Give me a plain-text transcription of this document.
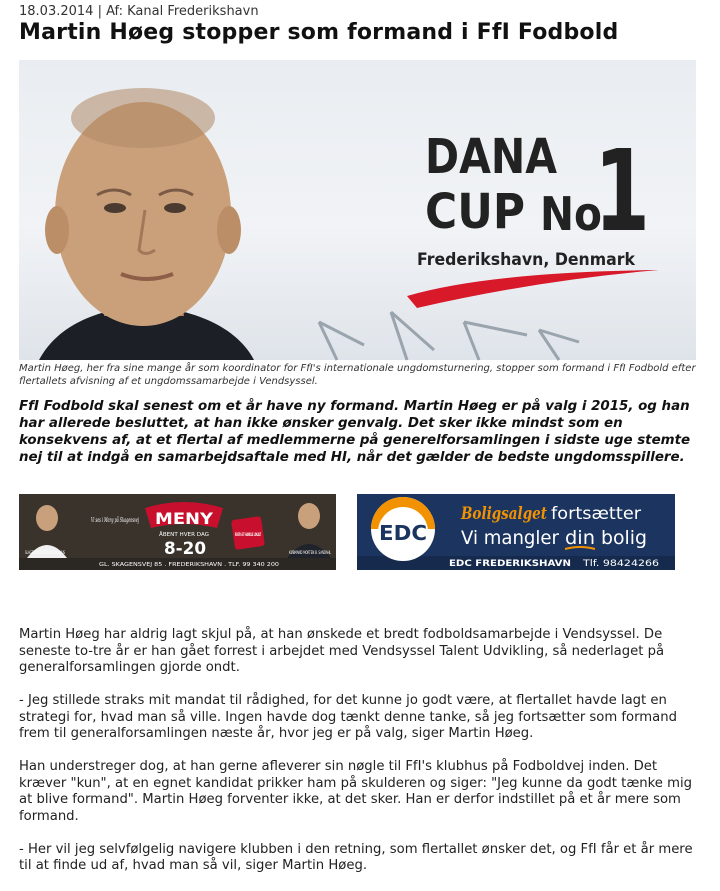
18.03.2014 | Af: Kanal Frederikshavn
Martin Høeg stopper som formand i FfI Fodbold
DANA
CUP No
1
Frederikshavn, Denmark
Martin Høeg, her fra sine mange år som koordinator for FfI's internationale ungdomsturnering, stopper som formand i FfI Fodbold efter flertallets afvisning af et ungdomssamarbejde i Vendsyssel.
FfI Fodbold skal senest om et år have ny formand. Martin Høeg er på valg i 2015, og han har allerede besluttet, at han ikke ønsker genvalg. Det sker ikke mindst som en konsekvens af, at et flertal af medlemmerne på generelforsamlingen i sidste uge stemte nej til at indgå en samarbejdsaftale med HI, når det gælder de bedste ungdomsspillere.
SLAGTERMESTER NICOLAI BUUS
Vi ses i Meny på Skagensvej MENY
ÅBENT HVER DAG
8-20	KØBMAND MORTEN B. SANDAHL
GL. SKAGENSVEJ 85 . FREDERIKSHAVN . TLF. 99 340 200
EDC
Boligsalget fortsætter
Vi mangler din bolig
EDC FREDERIKSHAVN Tlf. 98424266

Martin Høeg har aldrig lagt skjul på, at han ønskede et bredt fodboldsamarbejde i Vendsyssel. De seneste to-tre år er han gået forrest i arbejdet med Vendsyssel Talent Udvikling, så nederlaget på generalforsamlingen gjorde ondt.

- Jeg stillede straks mit mandat til rådighed, for det kunne jo godt være, at flertallet havde lagt en strategi for, hvad man så ville. Ingen havde dog tænkt denne tanke, så jeg fortsætter som formand frem til generalforsamlingen næste år, hvor jeg er på valg, siger Martin Høeg.

Han understreger dog, at han gerne afleverer sin nøgle til FfI's klubhus på Fodboldvej inden. Det kræver "kun", at en egnet kandidat prikker ham på skulderen og siger: "Jeg kunne da godt tænke mig at blive formand". Martin Høeg forventer ikke, at det sker. Han er derfor indstillet på et år mere som formand.

- Her vil jeg selvfølgelig navigere klubben i den retning, som flertallet ønsker det, og FfI får et år mere til at finde ud af, hvad man så vil, siger Martin Høeg.
